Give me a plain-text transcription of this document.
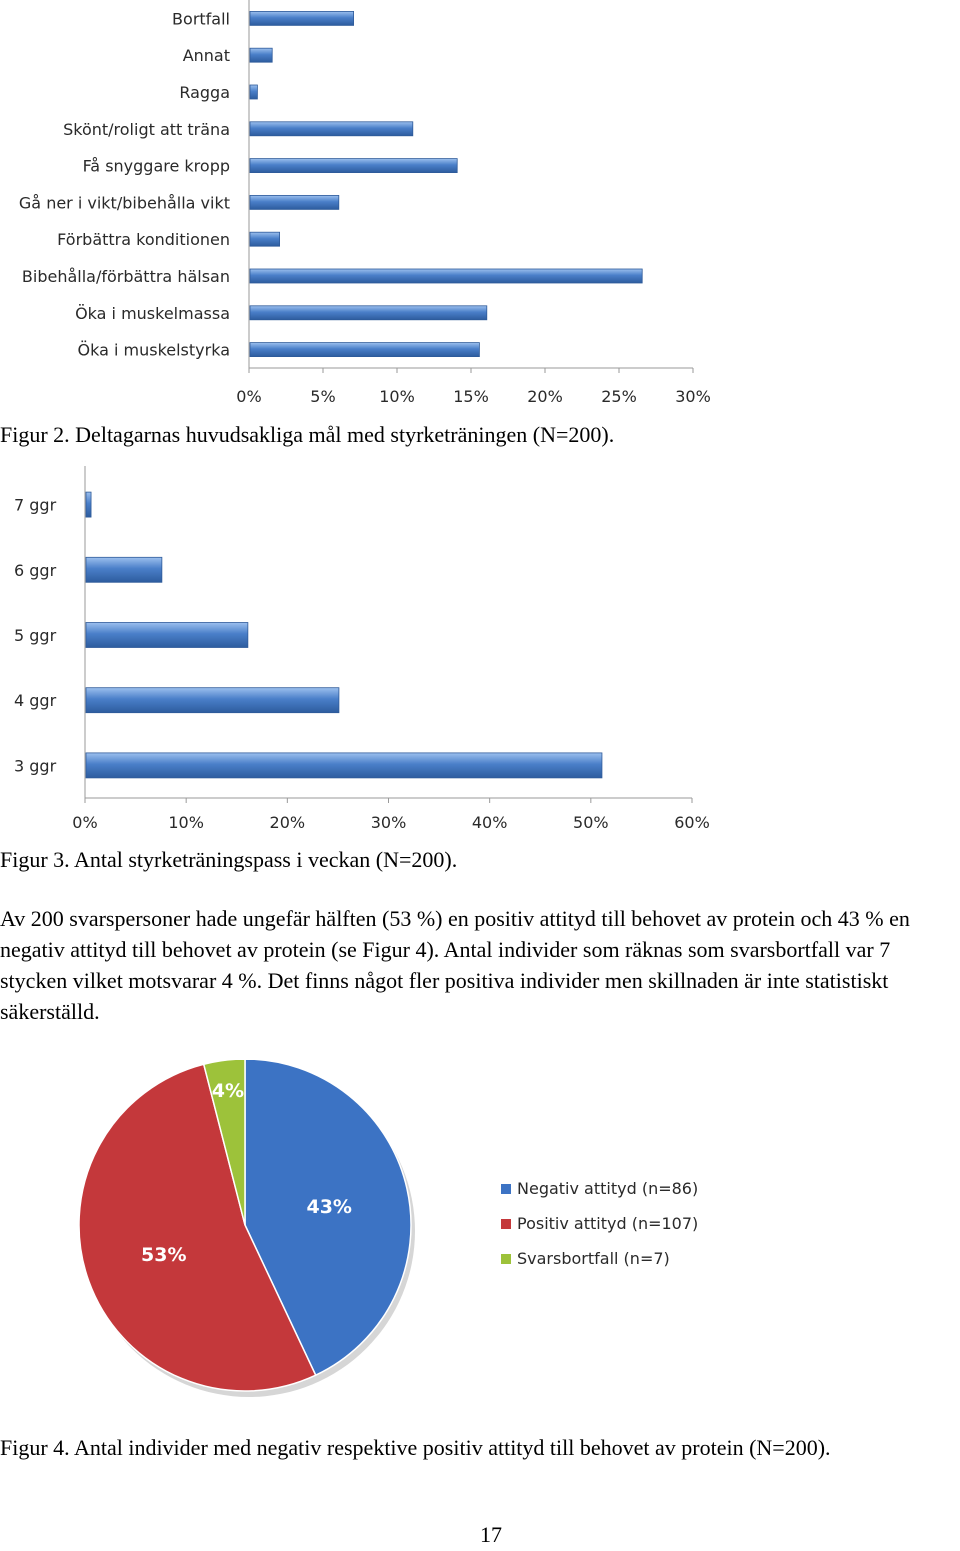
0%	5%	10% 15% 20% 25% 30%
Bortfall
Annat
Ragga
Skönt/roligt att träna
Få snyggare kropp
Gå ner i vikt/bibehålla vikt
Förbättra konditionen
Bibehålla/förbättra hälsan
Öka i muskelmassa
Öka i muskelstyrka

Figur 2. Deltagarnas huvudsakliga mål med styrketräningen (N=200).

0%	10%	20%	30%	40%	50%	60%
7 ggr
6 ggr
5 ggr
4 ggr
3 ggr

Figur 3. Antal styrketräningspass i veckan (N=200).

Av 200 svarspersoner hade ungefär hälften (53 %) en positiv attityd till behovet av protein och 43 % en negativ attityd till behovet av protein (se Figur 4). Antal individer som räknas som svarsbortfall var 7 stycken vilket motsvarar 4 %. Det finns något fler positiva individer men skillnaden är inte statistiskt säkerställd.

43%
53%
4%
Negativ attityd (n=86)
Positiv attityd (n=107)
Svarsbortfall (n=7)

Figur 4. Antal individer med negativ respektive positiv attityd till behovet av protein (N=200).

17
